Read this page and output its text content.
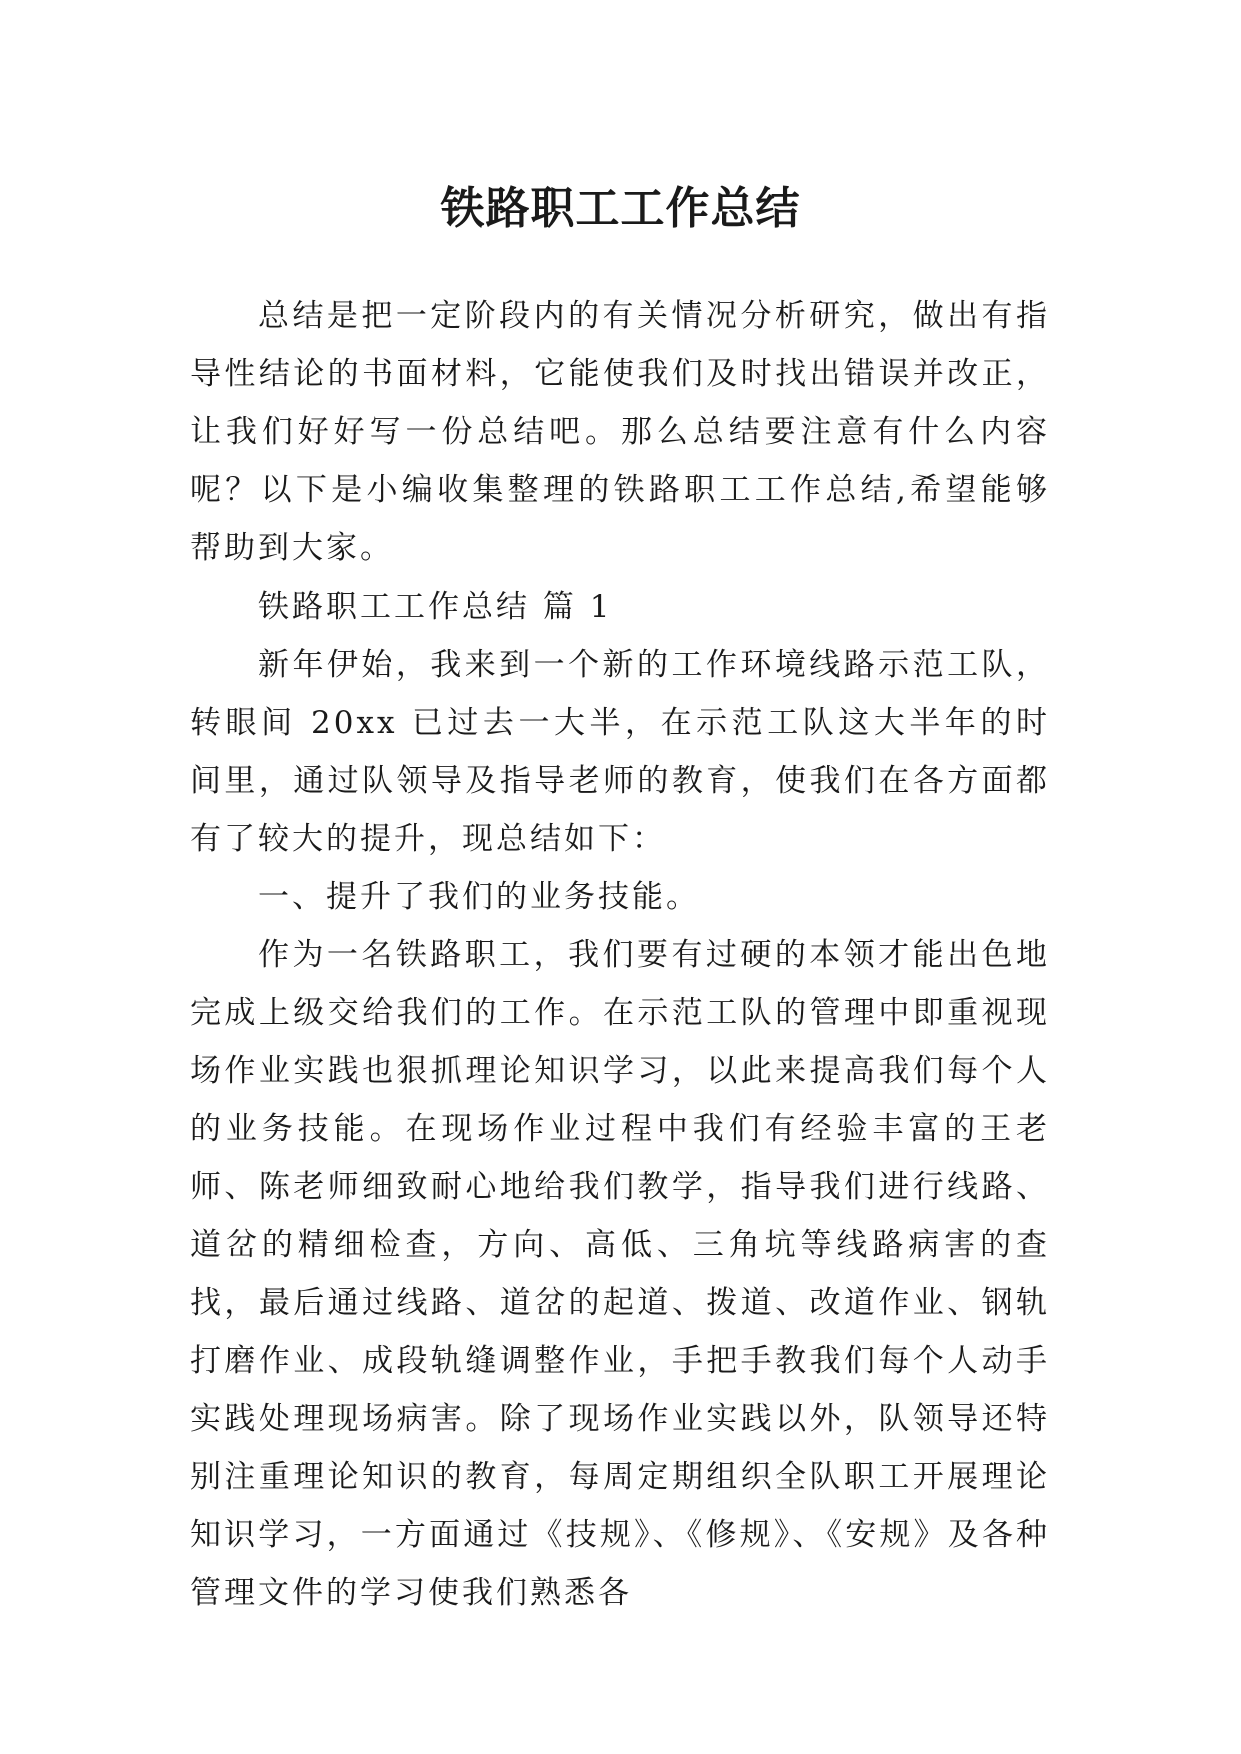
铁路职工工作总结

总结是把一定阶段内的有关情况分析研究，做出有指导性结论的书面材料，它能使我们及时找出错误并改正，让我们好好写一份总结吧。那么总结要注意有什么内容呢？以下是小编收集整理的铁路职工工作总结,希望能够帮助到大家。

铁路职工工作总结 篇 1

新年伊始，我来到一个新的工作环境线路示范工队，转眼间 20xx 已过去一大半，在示范工队这大半年的时间里，通过队领导及指导老师的教育，使我们在各方面都有了较大的提升，现总结如下：

一、提升了我们的业务技能。

作为一名铁路职工，我们要有过硬的本领才能出色地完成上级交给我们的工作。在示范工队的管理中即重视现场作业实践也狠抓理论知识学习，以此来提高我们每个人的业务技能。在现场作业过程中我们有经验丰富的王老师、陈老师细致耐心地给我们教学，指导我们进行线路、道岔的精细检查，方向、高低、三角坑等线路病害的查找，最后通过线路、道岔的起道、拨道、改道作业、钢轨打磨作业、成段轨缝调整作业，手把手教我们每个人动手实践处理现场病害。除了现场作业实践以外，队领导还特别注重理论知识的教育，每周定期组织全队职工开展理论知识学习，一方面通过《技规》、《修规》、《安规》及各种管理文件的学习使我们熟悉各
